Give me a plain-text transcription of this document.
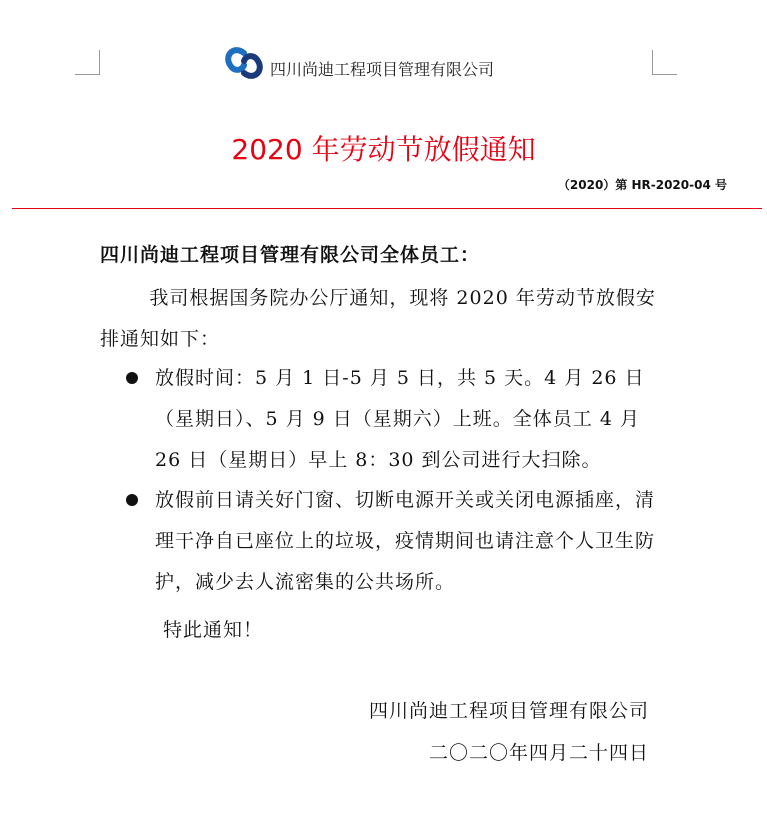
四川尚迪工程项目管理有限公司
2020 年劳动节放假通知
（2020）第 HR-2020-04 号
四川尚迪工程项目管理有限公司全体员工：
我司根据国务院办公厅通知，现将 2020 年劳动节放假安排通知如下：
放假时间：5 月 1 日-5 月 5 日，共 5 天。4 月 26 日（星期日）、5 月 9 日（星期六）上班。全体员工 4 月 26 日（星期日）早上 8：30 到公司进行大扫除。
放假前日请关好门窗、切断电源开关或关闭电源插座，清理干净自已座位上的垃圾，疫情期间也请注意个人卫生防护，减少去人流密集的公共场所。
特此通知！
四川尚迪工程项目管理有限公司
二〇二〇年四月二十四日
